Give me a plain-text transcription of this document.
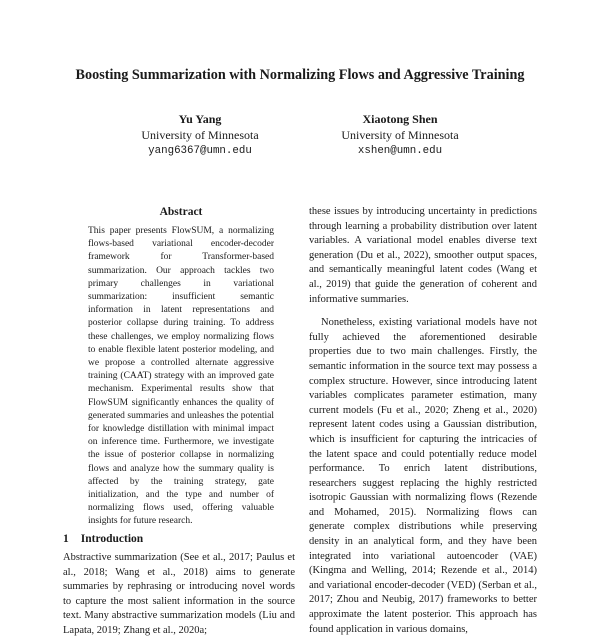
Boosting Summarization with Normalizing Flows and Aggressive Training
Yu Yang
University of Minnesota
yang6367@umn.edu
Xiaotong Shen
University of Minnesota
xshen@umn.edu
Abstract
This paper presents FlowSUM, a normalizing flows-based variational encoder-decoder framework for Transformer-based summarization. Our approach tackles two primary challenges in variational summarization: insufficient semantic information in latent representations and posterior collapse during training. To address these challenges, we employ normalizing flows to enable flexible latent posterior modeling, and we propose a controlled alternate aggressive training (CAAT) strategy with an improved gate mechanism. Experimental results show that FlowSUM significantly enhances the quality of generated summaries and unleashes the potential for knowledge distillation with minimal impact on inference time. Furthermore, we investigate the issue of posterior collapse in normalizing flows and analyze how the summary quality is affected by the training strategy, gate initialization, and the type and number of normalizing flows used, offering valuable insights for future research.
1 Introduction
Abstractive summarization (See et al., 2017; Paulus et al., 2018; Wang et al., 2018) aims to generate summaries by rephrasing or introducing novel words to capture the most salient information in the source text. Many abstractive summarization models (Liu and Lapata, 2019; Zhang et al., 2020a;

these issues by introducing uncertainty in predictions through learning a probability distribution over latent variables. A variational model enables diverse text generation (Du et al., 2022), smoother output spaces, and semantically meaningful latent codes (Wang et al., 2019) that guide the generation of coherent and informative summaries.

Nonetheless, existing variational models have not fully achieved the aforementioned desirable properties due to two main challenges. Firstly, the semantic information in the source text may possess a complex structure. However, since introducing latent variables complicates parameter estimation, many current models (Fu et al., 2020; Zheng et al., 2020) represent latent codes using a Gaussian distribution, which is insufficient for capturing the intricacies of the latent space and could potentially reduce model performance. To enrich latent distributions, researchers suggest replacing the highly restricted isotropic Gaussian with normalizing flows (Rezende and Mohamed, 2015). Normalizing flows can generate complex distributions while preserving density in an analytical form, and they have been integrated into variational autoencoder (VAE) (Kingma and Welling, 2014; Rezende et al., 2014) and variational encoder-decoder (VED) (Serban et al., 2017; Zhou and Neubig, 2017) frameworks to better approximate the latent posterior. This approach has found application in various domains,
